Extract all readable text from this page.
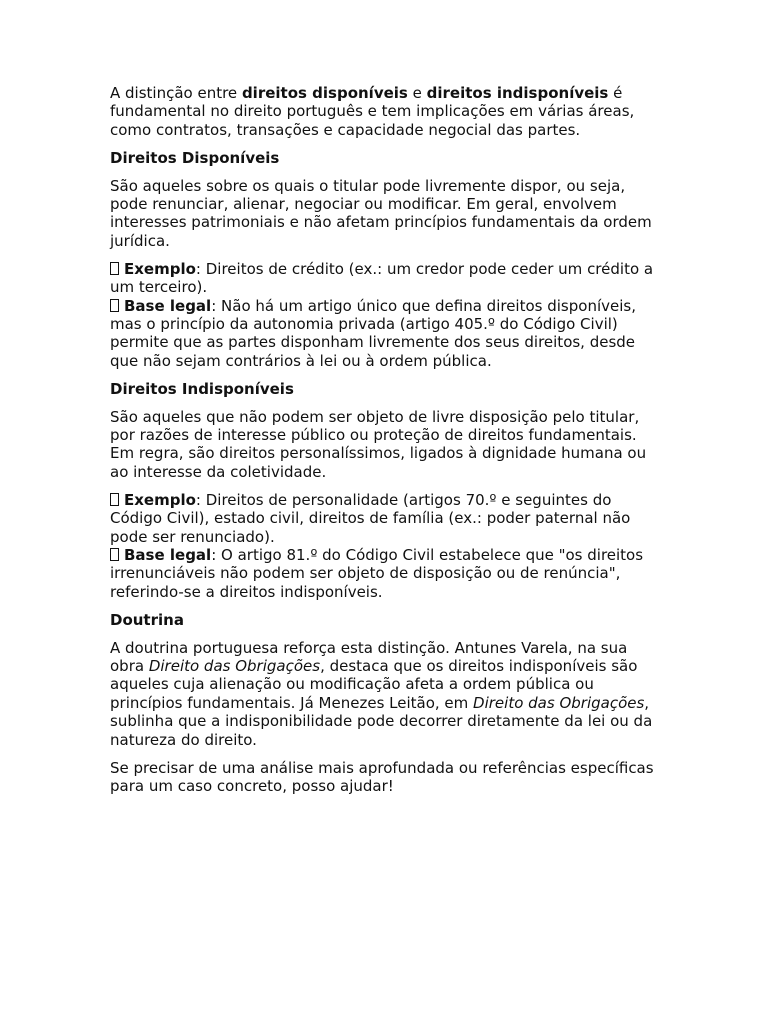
A distinção entre direitos disponíveis e direitos indisponíveis é fundamental no direito português e tem implicações em várias áreas, como contratos, transações e capacidade negocial das partes.

Direitos Disponíveis

São aqueles sobre os quais o titular pode livremente dispor, ou seja, pode renunciar, alienar, negociar ou modificar. Em geral, envolvem interesses patrimoniais e não afetam princípios fundamentais da ordem jurídica.

Exemplo: Direitos de crédito (ex.: um credor pode ceder um crédito a um terceiro).
Base legal: Não há um artigo único que defina direitos disponíveis, mas o princípio da autonomia privada (artigo 405.º do Código Civil) permite que as partes disponham livremente dos seus direitos, desde que não sejam contrários à lei ou à ordem pública.

Direitos Indisponíveis

São aqueles que não podem ser objeto de livre disposição pelo titular, por razões de interesse público ou proteção de direitos fundamentais. Em regra, são direitos personalíssimos, ligados à dignidade humana ou ao interesse da coletividade.

Exemplo: Direitos de personalidade (artigos 70.º e seguintes do Código Civil), estado civil, direitos de família (ex.: poder paternal não pode ser renunciado).
Base legal: O artigo 81.º do Código Civil estabelece que "os direitos irrenunciáveis não podem ser objeto de disposição ou de renúncia", referindo-se a direitos indisponíveis.

Doutrina

A doutrina portuguesa reforça esta distinção. Antunes Varela, na sua obra Direito das Obrigações, destaca que os direitos indisponíveis são aqueles cuja alienação ou modificação afeta a ordem pública ou princípios fundamentais. Já Menezes Leitão, em Direito das Obrigações, sublinha que a indisponibilidade pode decorrer diretamente da lei ou da natureza do direito.

Se precisar de uma análise mais aprofundada ou referências específicas para um caso concreto, posso ajudar!
